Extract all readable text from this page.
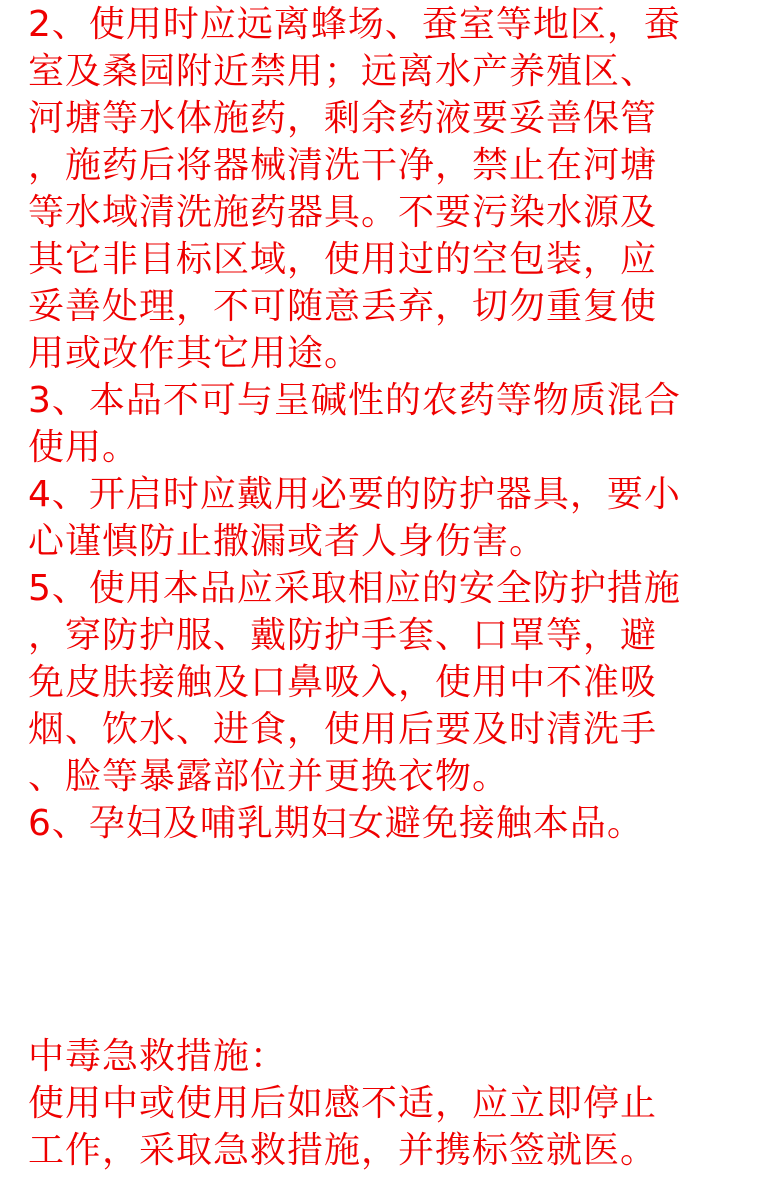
2、使用时应远离蜂场、蚕室等地区，蚕
室及桑园附近禁用；远离水产养殖区、
河塘等水体施药，剩余药液要妥善保管
，施药后将器械清洗干净，禁止在河塘
等水域清洗施药器具。不要污染水源及
其它非目标区域，使用过的空包装，应
妥善处理，不可随意丢弃，切勿重复使
用或改作其它用途。
3、本品不可与呈碱性的农药等物质混合
使用。
4、开启时应戴用必要的防护器具，要小
心谨慎防止撒漏或者人身伤害。
5、使用本品应采取相应的安全防护措施
，穿防护服、戴防护手套、口罩等，避
免皮肤接触及口鼻吸入，使用中不准吸
烟、饮水、进食，使用后要及时清洗手
、脸等暴露部位并更换衣物。
6、孕妇及哺乳期妇女避免接触本品。
中毒急救措施：
使用中或使用后如感不适，应立即停止
工作，采取急救措施，并携标签就医。
